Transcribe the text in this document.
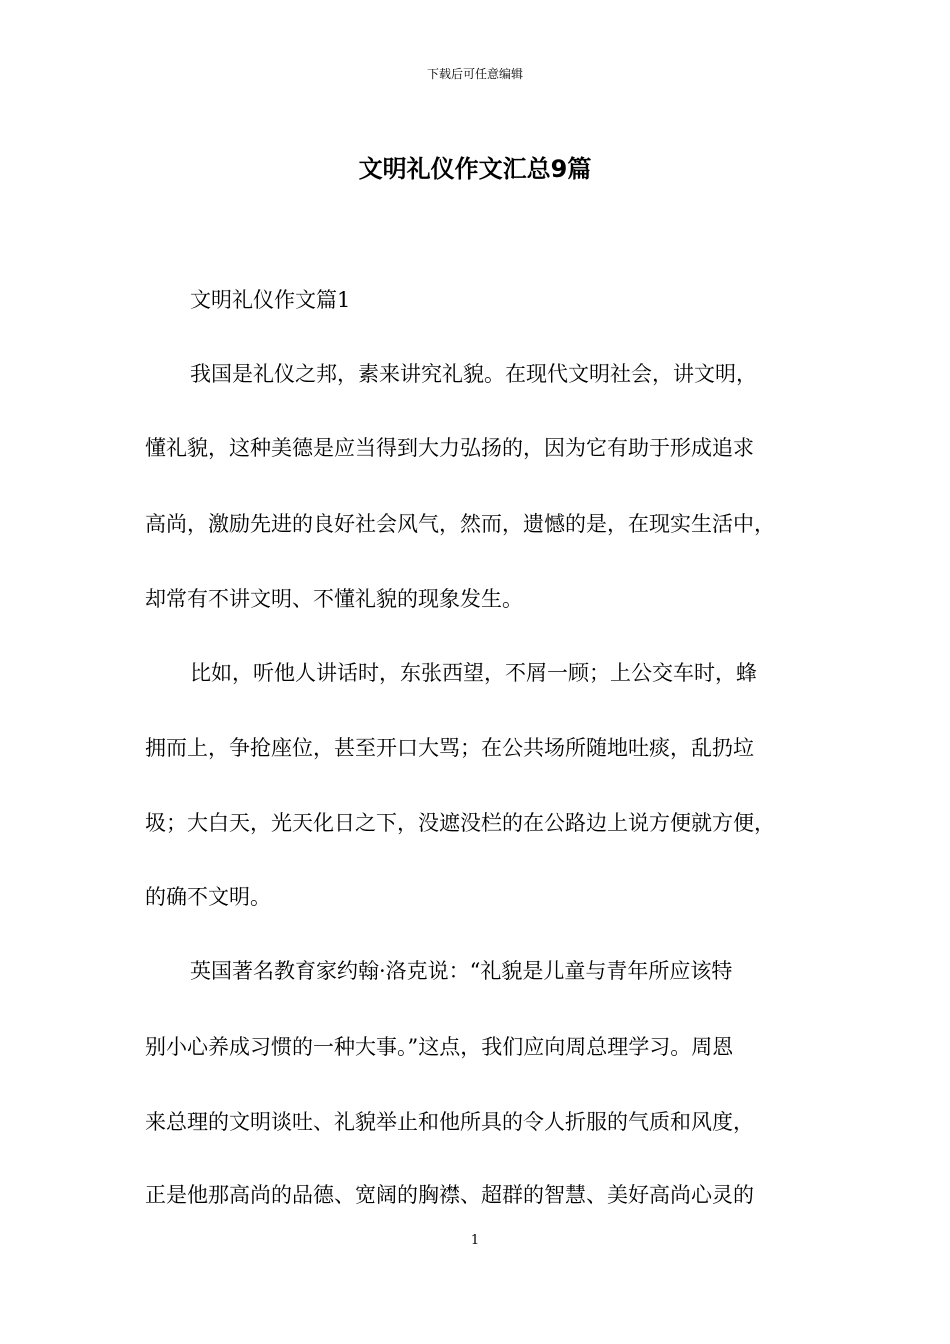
下载后可任意编辑
文明礼仪作文汇总9篇
文明礼仪作文篇1
我国是礼仪之邦，素来讲究礼貌。在现代文明社会，讲文明，
懂礼貌，这种美德是应当得到大力弘扬的，因为它有助于形成追求
高尚，激励先进的良好社会风气，然而，遗憾的是，在现实生活中，
却常有不讲文明、不懂礼貌的现象发生。
比如，听他人讲话时，东张西望，不屑一顾；上公交车时，蜂
拥而上，争抢座位，甚至开口大骂；在公共场所随地吐痰，乱扔垃
圾；大白天，光天化日之下，没遮没栏的在公路边上说方便就方便，
的确不文明。
英国著名教育家约翰·洛克说：“礼貌是儿童与青年所应该特
别小心养成习惯的一种大事。”这点，我们应向周总理学习。周恩
来总理的文明谈吐、礼貌举止和他所具的令人折服的气质和风度，
正是他那高尚的品德、宽阔的胸襟、超群的智慧、美好高尚心灵的
1
